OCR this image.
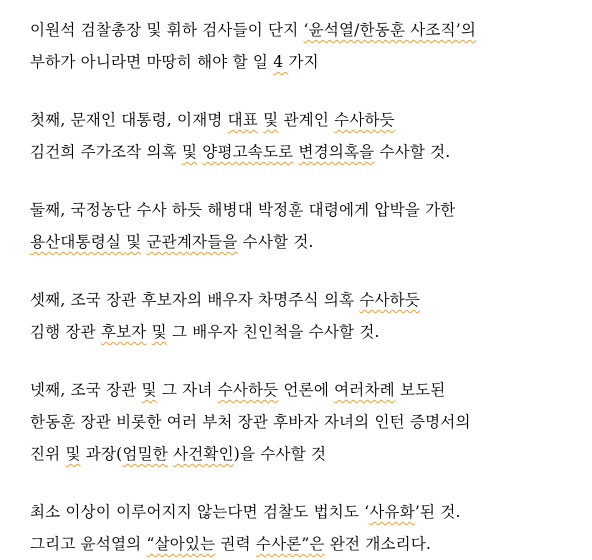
이원석 검찰총장 및 휘하 검사들이 단지 ‘윤석열/한동훈 사조직’의
부하가 아니라면 마땅히 해야 할 일 4 가지

첫째, 문재인 대통령, 이재명 대표 및 관계인 수사하듯
김건희 주가조작 의혹 및 양평고속도로 변경의혹을 수사할 것.

둘째, 국정농단 수사 하듯 해병대 박정훈 대령에게 압박을 가한
용산대통령실 및 군관계자들을 수사할 것.

셋째, 조국 장관 후보자의 배우자 차명주식 의혹 수사하듯
김행 장관 후보자 및 그 배우자 친인척을 수사할 것.

넷째, 조국 장관 및 그 자녀 수사하듯 언론에 여러차례 보도된
한동훈 장관 비롯한 여러 부처 장관 후바자 자녀의 인턴 증명서의
진위 및 과장(엄밀한 사건확인)을 수사할 것

최소 이상이 이루어지지 않는다면 검찰도 법치도 ‘사유화’된 것.
그리고 윤석열의 “살아있는 권력 수사론”은 완전 개소리다.
